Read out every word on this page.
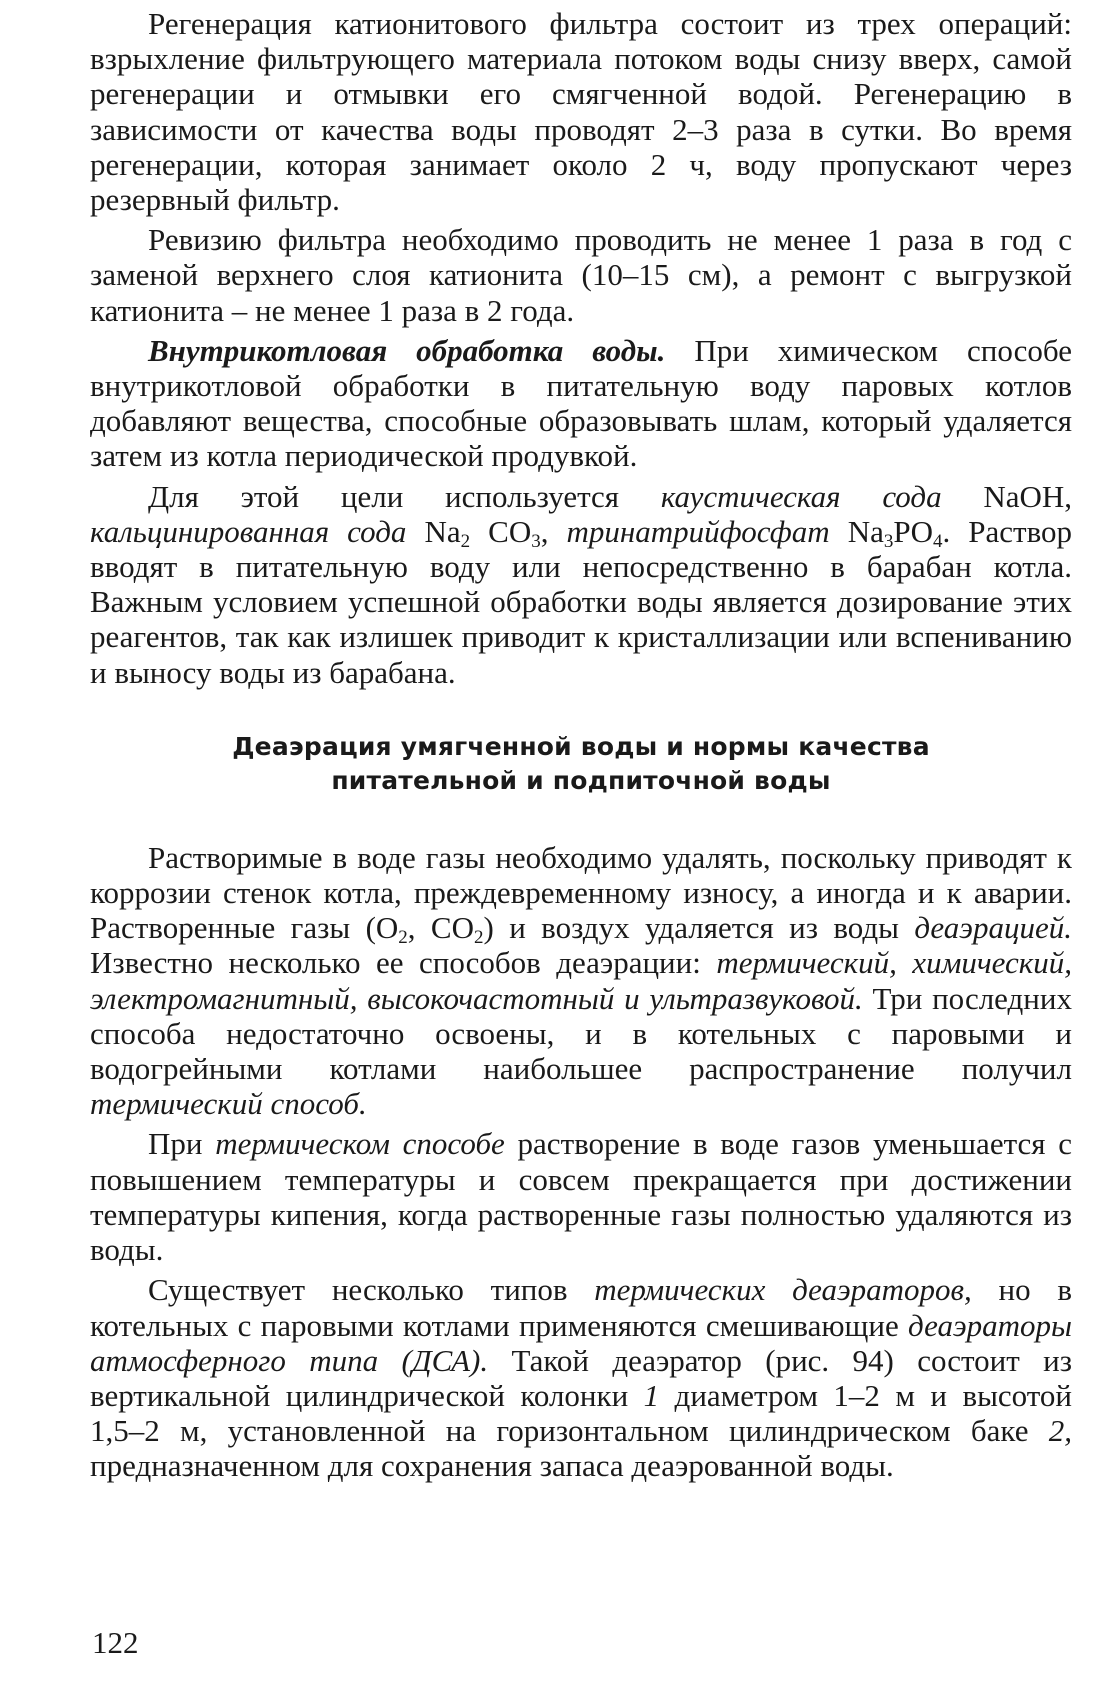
Регенерация катионитового фильтра состоит из трех операций: взрыхление фильтрующего материала потоком воды снизу вверх, самой регенерации и отмывки его смягченной водой. Регенерацию в зависимости от качества воды проводят 2–3 раза в сутки. Во время регенерации, которая занимает около 2 ч, воду пропускают через резервный фильтр.

Ревизию фильтра необходимо проводить не менее 1 раза в год с заменой верхнего слоя катионита (10–15 см), а ремонт с выгрузкой катионита – не менее 1 раза в 2 года.

Внутрикотловая обработка воды. При химическом способе внутрикотловой обработки в питательную воду паровых котлов добавляют вещества, способные образовывать шлам, который удаляется затем из котла периодической продувкой.

Для этой цели используется каустическая сода NaOH, кальцинированная сода $Na_2$ $CO_3$, тринатрийфосфат $Na_3PO_4$. Раствор вводят в питательную воду или непосредственно в барабан котла. Важным условием успешной обработки воды является дозирование этих реагентов, так как излишек приводит к кристаллизации или вспениванию и выносу воды из барабана.

Деаэрация умягченной воды и нормы качества
питательной и подпиточной воды

Растворимые в воде газы необходимо удалять, поскольку приводят к коррозии стенок котла, преждевременному износу, а иногда и к аварии. Растворенные газы ($O_2$, $CO_2$) и воздух удаляется из воды деаэрацией. Известно несколько ее способов деаэрации: термический, химический, электромагнитный, высокочастотный и ультразвуковой. Три последних способа недостаточно освоены, и в котельных с паровыми и водогрейными котлами наибольшее распространение получил термический способ.

При термическом способе растворение в воде газов уменьшается с повышением температуры и совсем прекращается при достижении температуры кипения, когда растворенные газы полностью удаляются из воды.

Существует несколько типов термических деаэраторов, но в котельных с паровыми котлами применяются смешивающие деаэраторы атмосферного типа (ДСА). Такой деаэратор (рис. 94) состоит из вертикальной цилиндрической колонки 1 диаметром 1–2 м и высотой 1,5–2 м, установленной на горизонтальном цилиндрическом баке 2, предназначенном для сохранения запаса деаэрованной воды.

122
